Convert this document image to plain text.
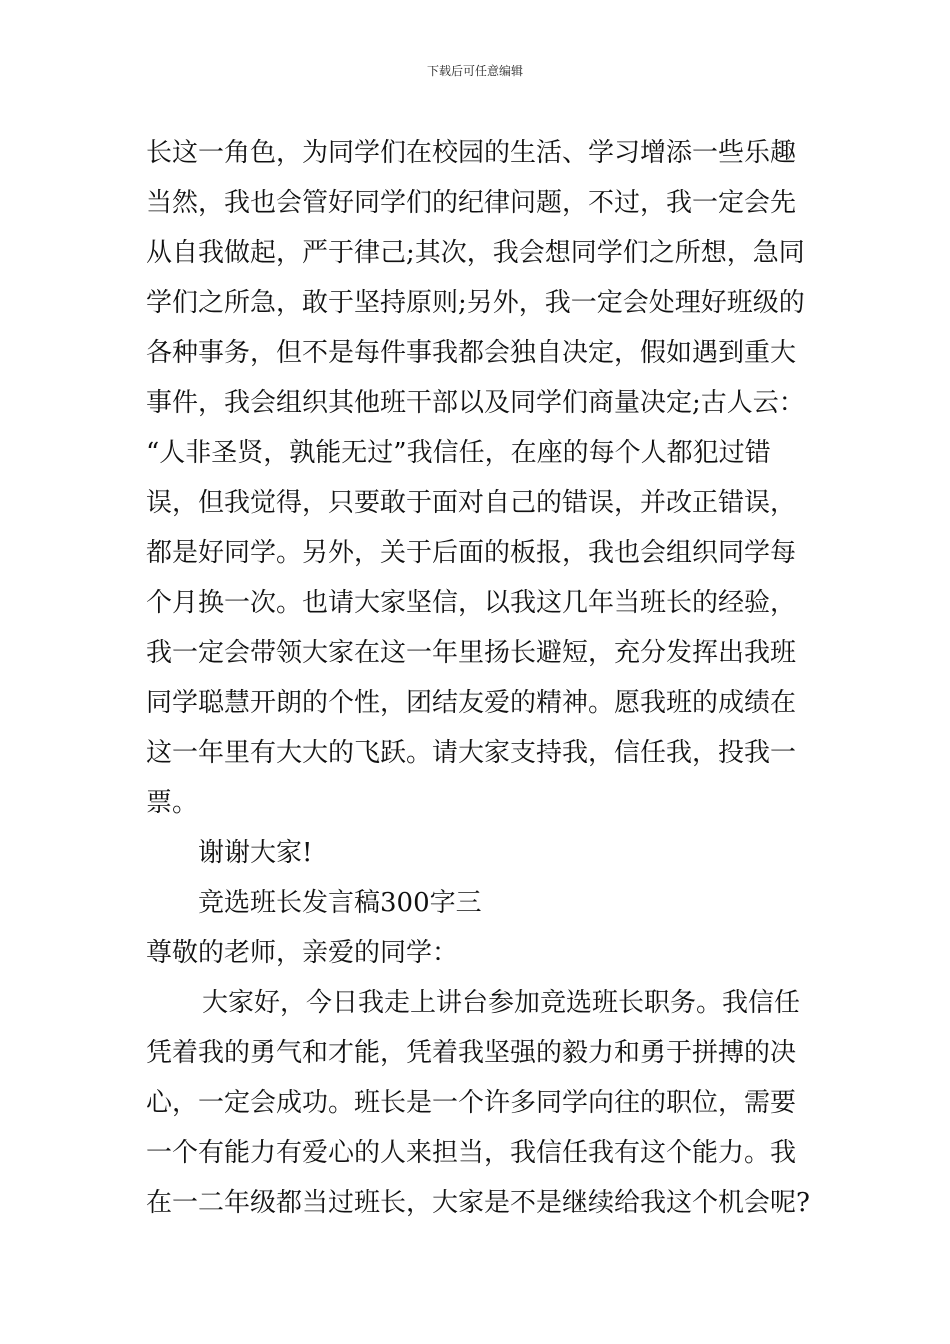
下载后可任意编辑
长这一角色，为同学们在校园的生活、学习增添一些乐趣
当然，我也会管好同学们的纪律问题，不过，我一定会先
从自我做起，严于律己;其次，我会想同学们之所想，急同
学们之所急，敢于坚持原则;另外，我一定会处理好班级的
各种事务，但不是每件事我都会独自决定，假如遇到重大
事件，我会组织其他班干部以及同学们商量决定;古人云：
“人非圣贤，孰能无过”我信任，在座的每个人都犯过错
误，但我觉得，只要敢于面对自己的错误，并改正错误，
都是好同学。另外，关于后面的板报，我也会组织同学每
个月换一次。也请大家坚信，以我这几年当班长的经验，
我一定会带领大家在这一年里扬长避短，充分发挥出我班
同学聪慧开朗的个性，团结友爱的精神。愿我班的成绩在
这一年里有大大的飞跃。请大家支持我，信任我，投我一
票。
谢谢大家!
竞选班长发言稿300字三
尊敬的老师，亲爱的同学：
大家好，今日我走上讲台参加竞选班长职务。我信任
凭着我的勇气和才能，凭着我坚强的毅力和勇于拼搏的决
心，一定会成功。班长是一个许多同学向往的职位，需要
一个有能力有爱心的人来担当，我信任我有这个能力。我
在一二年级都当过班长，大家是不是继续给我这个机会呢?
